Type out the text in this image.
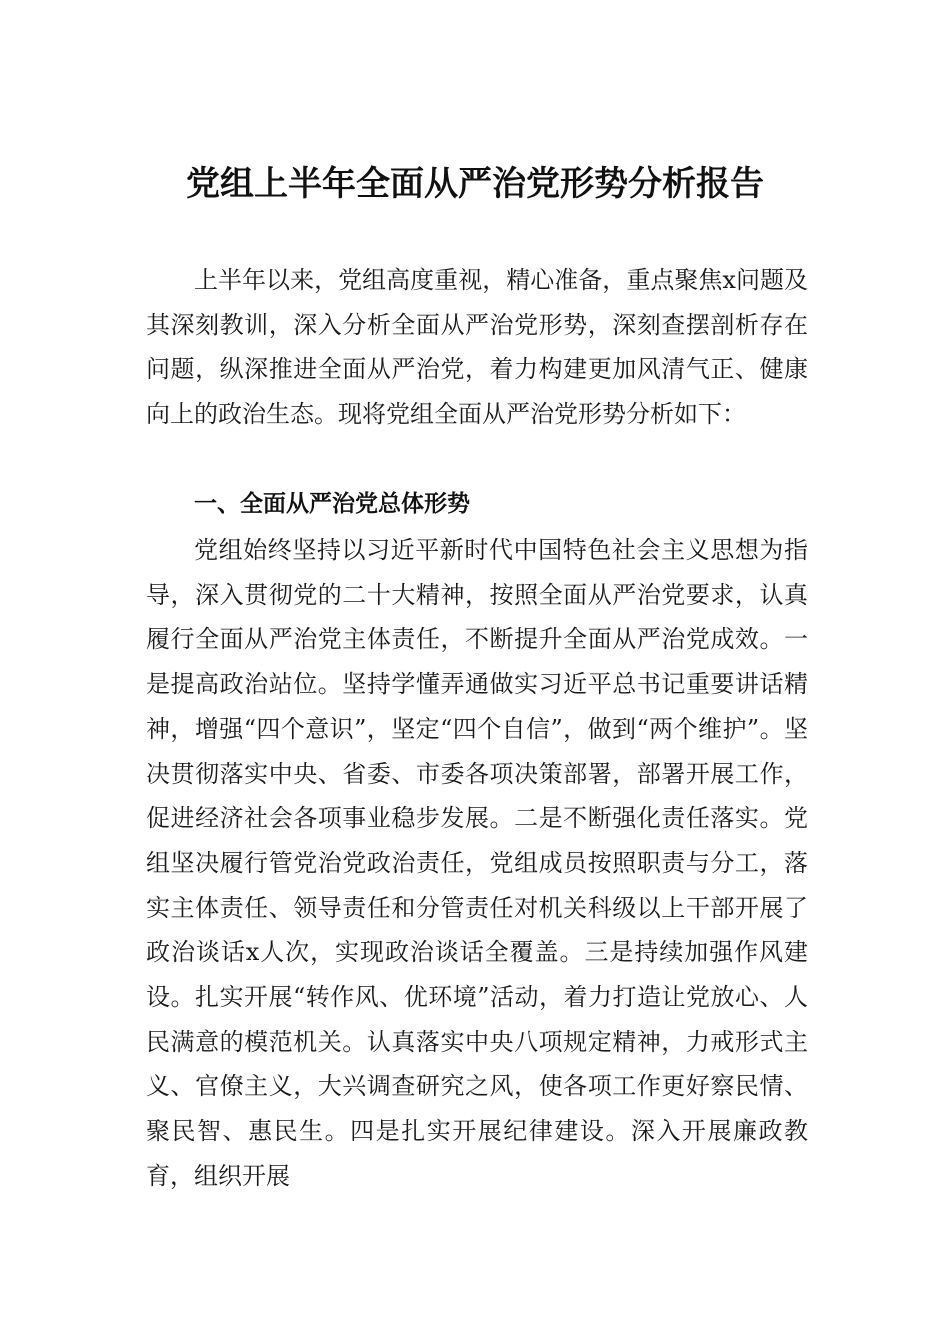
党组上半年全面从严治党形势分析报告

上半年以来，党组高度重视，精心准备，重点聚焦x问题及其深刻教训，深入分析全面从严治党形势，深刻查摆剖析存在问题，纵深推进全面从严治党，着力构建更加风清气正、健康向上的政治生态。现将党组全面从严治党形势分析如下：

一、全面从严治党总体形势

党组始终坚持以习近平新时代中国特色社会主义思想为指导，深入贯彻党的二十大精神，按照全面从严治党要求，认真履行全面从严治党主体责任，不断提升全面从严治党成效。一是提高政治站位。坚持学懂弄通做实习近平总书记重要讲话精神，增强“四个意识”，坚定“四个自信”，做到“两个维护”。坚决贯彻落实中央、省委、市委各项决策部署，部署开展工作，促进经济社会各项事业稳步发展。二是不断强化责任落实。党组坚决履行管党治党政治责任，党组成员按照职责与分工，落实主体责任、领导责任和分管责任对机关科级以上干部开展了政治谈话x人次，实现政治谈话全覆盖。三是持续加强作风建设。扎实开展“转作风、优环境”活动，着力打造让党放心、人民满意的模范机关。认真落实中央八项规定精神，力戒形式主义、官僚主义，大兴调查研究之风，使各项工作更好察民情、聚民智、惠民生。四是扎实开展纪律建设。深入开展廉政教育，组织开展
